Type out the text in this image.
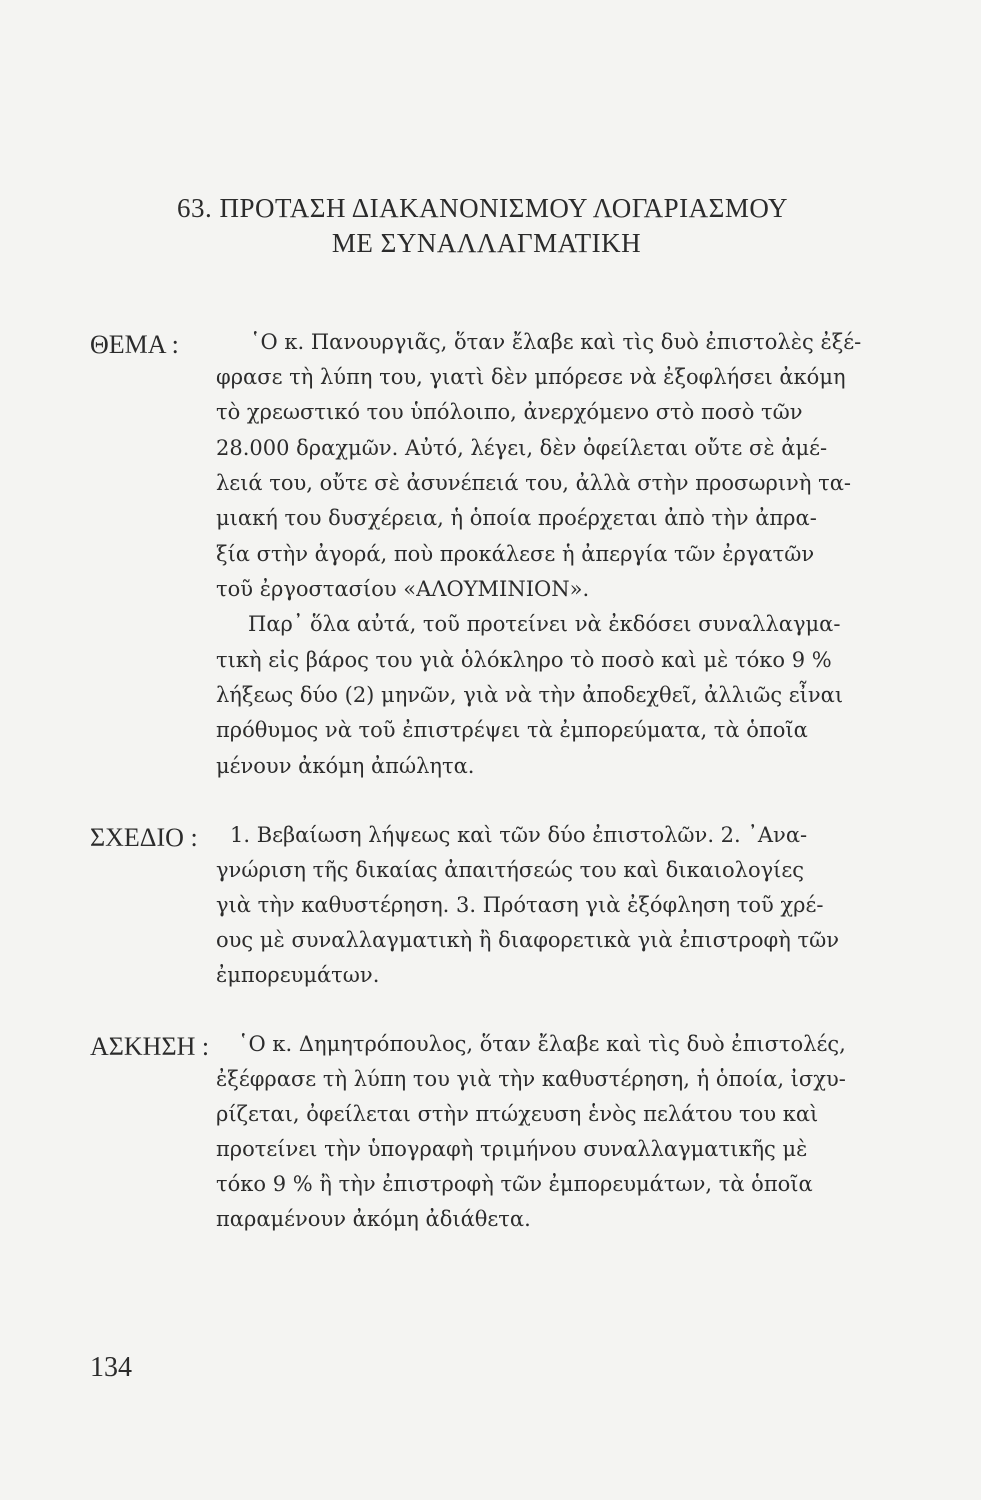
63. ΠΡΟΤΑΣΗ ΔΙΑΚΑΝΟΝΙΣΜΟΥ ΛΟΓΑΡΙΑΣΜΟΥ
ΜΕ ΣΥΝΑΛΛΑΓΜΑΤΙΚΗ
ΘΕΜΑ :	῾Ο κ. Πανουργιᾶς, ὅταν ἔλαβε καὶ τὶς δυὸ ἐπιστολὲς ἐξέ-
φρασε τὴ λύπη του, γιατὶ δὲν μπόρεσε νὰ ἐξοφλήσει ἀκόμη
τὸ χρεωστικό του ὑπόλοιπο, ἀνερχόμενο στὸ ποσὸ τῶν
28.000 δραχμῶν. Αὐτό, λέγει, δὲν ὀφείλεται οὔτε σὲ ἀμέ-
λειά του, οὔτε σὲ ἀσυνέπειά του, ἀλλὰ στὴν προσωρινὴ τα-
μιακή του δυσχέρεια, ἡ ὁποία προέρχεται ἀπὸ τὴν ἀπρα-
ξία στὴν ἀγορά, ποὺ προκάλεσε ἡ ἀπεργία τῶν ἐργατῶν
τοῦ ἐργοστασίου «ΑΛΟΥΜΙΝΙΟΝ».
Παρ᾽ ὅλα αὐτά, τοῦ προτείνει νὰ ἐκδόσει συναλλαγμα-
τικὴ εἰς βάρος του γιὰ ὁλόκληρο τὸ ποσὸ καὶ μὲ τόκο 9 %
λήξεως δύο (2) μηνῶν, γιὰ νὰ τὴν ἀποδεχθεῖ, ἀλλιῶς εἶναι
πρόθυμος νὰ τοῦ ἐπιστρέψει τὰ ἐμπορεύματα, τὰ ὁποῖα
μένουν ἀκόμη ἀπώλητα.
ΣΧΕΔΙΟ : 1. Βεβαίωση λήψεως καὶ τῶν δύο ἐπιστολῶν. 2. ᾿Ανα-
γνώριση τῆς δικαίας ἀπαιτήσεώς του καὶ δικαιολογίες
γιὰ τὴν καθυστέρηση. 3. Πρόταση γιὰ ἐξόφληση τοῦ χρέ-
ους μὲ συναλλαγματικὴ ἢ διαφορετικὰ γιὰ ἐπιστροφὴ τῶν
ἐμπορευμάτων.
ΑΣΚΗΣΗ : ῾Ο κ. Δημητρόπουλος, ὅταν ἔλαβε καὶ τὶς δυὸ ἐπιστολές,
ἐξέφρασε τὴ λύπη του γιὰ τὴν καθυστέρηση, ἡ ὁποία, ἰσχυ-
ρίζεται, ὀφείλεται στὴν πτώχευση ἑνὸς πελάτου του καὶ
προτείνει τὴν ὑπογραφὴ τριμήνου συναλλαγματικῆς μὲ
τόκο 9 % ἢ τὴν ἐπιστροφὴ τῶν ἐμπορευμάτων, τὰ ὁποῖα
παραμένουν ἀκόμη ἀδιάθετα.
134
